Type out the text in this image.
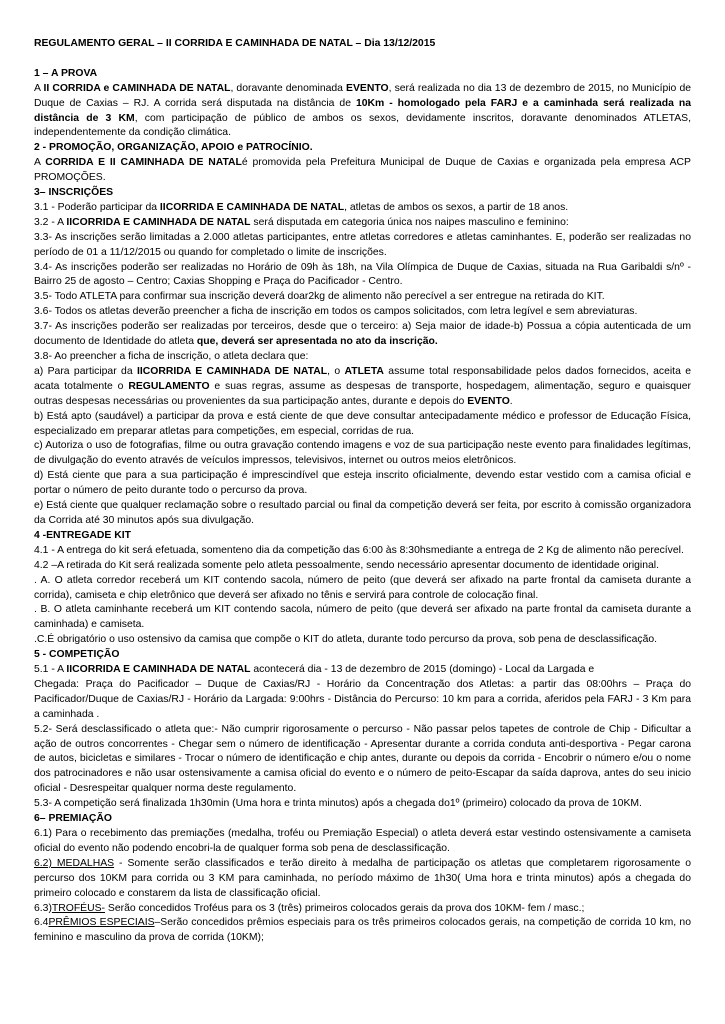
REGULAMENTO GERAL – II CORRIDA E CAMINHADA DE NATAL – Dia 13/12/2015

1 – A PROVA

A II CORRIDA e CAMINHADA DE NATAL, doravante denominada EVENTO, será realizada no dia 13 de dezembro de 2015, no Município de Duque de Caxias – RJ. A corrida será disputada na distância de 10Km - homologado pela FARJ e a caminhada será realizada na distância de 3 KM, com participação de público de ambos os sexos, devidamente inscritos, doravante denominados ATLETAS, independentemente da condição climática.

2 - PROMOÇÃO, ORGANIZAÇÃO, APOIO e PATROCÍNIO.

A CORRIDA E II CAMINHADA DE NATALé promovida pela Prefeitura Municipal de Duque de Caxias e organizada pela empresa ACP PROMOÇÕES.

3– INSCRIÇÕES

3.1 - Poderão participar da IICORRIDA E CAMINHADA DE NATAL, atletas de ambos os sexos, a partir de 18 anos.

3.2 - A IICORRIDA E CAMINHADA DE NATAL será disputada em categoria única nos naipes masculino e feminino:

3.3- As inscrições serão limitadas a 2.000 atletas participantes, entre atletas corredores e atletas caminhantes. E, poderão ser realizadas no período de 01 a 11/12/2015 ou quando for completado o limite de inscrições.

3.4- As inscrições poderão ser realizadas no Horário de 09h às 18h, na Vila Olímpica de Duque de Caxias, situada na Rua Garibaldi s/nº - Bairro 25 de agosto – Centro; Caxias Shopping e Praça do Pacificador - Centro.

3.5- Todo ATLETA para confirmar sua inscrição deverá doar2kg de alimento não perecível a ser entregue na retirada do KIT.

3.6- Todos os atletas deverão preencher a ficha de inscrição em todos os campos solicitados, com letra legível e sem abreviaturas.

3.7- As inscrições poderão ser realizadas por terceiros, desde que o terceiro: a) Seja maior de idade-b) Possua a cópia autenticada de um documento de Identidade do atleta que, deverá ser apresentada no ato da inscrição.

3.8- Ao preencher a ficha de inscrição, o atleta declara que:

a) Para participar da IICORRIDA E CAMINHADA DE NATAL, o ATLETA assume total responsabilidade pelos dados fornecidos, aceita e acata totalmente o REGULAMENTO e suas regras, assume as despesas de transporte, hospedagem, alimentação, seguro e quaisquer outras despesas necessárias ou provenientes da sua participação antes, durante e depois do EVENTO.

b) Está apto (saudável) a participar da prova e está ciente de que deve consultar antecipadamente médico e professor de Educação Física, especializado em preparar atletas para competições, em especial, corridas de rua.

c) Autoriza o uso de fotografias, filme ou outra gravação contendo imagens e voz de sua participação neste evento para finalidades legítimas, de divulgação do evento através de veículos impressos, televisivos, internet ou outros meios eletrônicos.

d) Está ciente que para a sua participação é imprescindível que esteja inscrito oficialmente, devendo estar vestido com a camisa oficial e portar o número de peito durante todo o percurso da prova.

e) Está ciente que qualquer reclamação sobre o resultado parcial ou final da competição deverá ser feita, por escrito à comissão organizadora da Corrida até 30 minutos após sua divulgação.

4 -ENTREGADE KIT

4.1 - A entrega do kit será efetuada, somenteno dia da competição das 6:00 às 8:30hsmediante a entrega de 2 Kg de alimento não perecível.

4.2 –A retirada do Kit será realizada somente pelo atleta pessoalmente, sendo necessário apresentar documento de identidade original.

. A. O atleta corredor receberá um KIT contendo sacola, número de peito (que deverá ser afixado na parte frontal da camiseta durante a corrida), camiseta e chip eletrônico que deverá ser afixado no tênis e servirá para controle de colocação final.

. B. O atleta caminhante receberá um KIT contendo sacola, número de peito (que deverá ser afixado na parte frontal da camiseta durante a caminhada) e camiseta.

.C.É obrigatório o uso ostensivo da camisa que compõe o KIT do atleta, durante todo percurso da prova, sob pena de desclassificação.

5 - COMPETIÇÃO

5.1 - A IICORRIDA E CAMINHADA DE NATAL acontecerá dia - 13 de dezembro de 2015 (domingo) - Local da Largada e

Chegada: Praça do Pacificador – Duque de Caxias/RJ - Horário da Concentração dos Atletas: a partir das 08:00hrs – Praça do Pacificador/Duque de Caxias/RJ - Horário da Largada: 9:00hrs - Distância do Percurso: 10 km para a corrida, aferidos pela FARJ - 3 Km para a caminhada .

5.2- Será desclassificado o atleta que:- Não cumprir rigorosamente o percurso - Não passar pelos tapetes de controle de Chip - Dificultar a ação de outros concorrentes - Chegar sem o número de identificação - Apresentar durante a corrida conduta anti-desportiva - Pegar carona de autos, bicicletas e similares - Trocar o número de identificação e chip antes, durante ou depois da corrida - Encobrir o número e/ou o nome dos patrocinadores e não usar ostensivamente a camisa oficial do evento e o número de peito-Escapar da saída daprova, antes do seu inicio oficial - Desrespeitar qualquer norma deste regulamento.

5.3- A competição será finalizada 1h30min (Uma hora e trinta minutos) após a chegada do1º (primeiro) colocado da prova de 10KM.

6– PREMIAÇÃO

6.1) Para o recebimento das premiações (medalha, troféu ou Premiação Especial) o atleta deverá estar vestindo ostensivamente a camiseta oficial do evento não podendo encobri-la de qualquer forma sob pena de desclassificação.

6.2) MEDALHAS - Somente serão classificados e terão direito à medalha de participação os atletas que completarem rigorosamente o percurso dos 10KM para corrida ou 3 KM para caminhada, no período máximo de 1h30( Uma hora e trinta minutos) após a chegada do primeiro colocado e constarem da lista de classificação oficial.

6.3)TROFÉUS- Serão concedidos Troféus para os 3 (três) primeiros colocados gerais da prova dos 10KM- fem / masc.;

6.4PRÊMIOS ESPECIAIS–Serão concedidos prêmios especiais para os três primeiros colocados gerais, na competição de corrida 10 km, no feminino e masculino da prova de corrida (10KM);
